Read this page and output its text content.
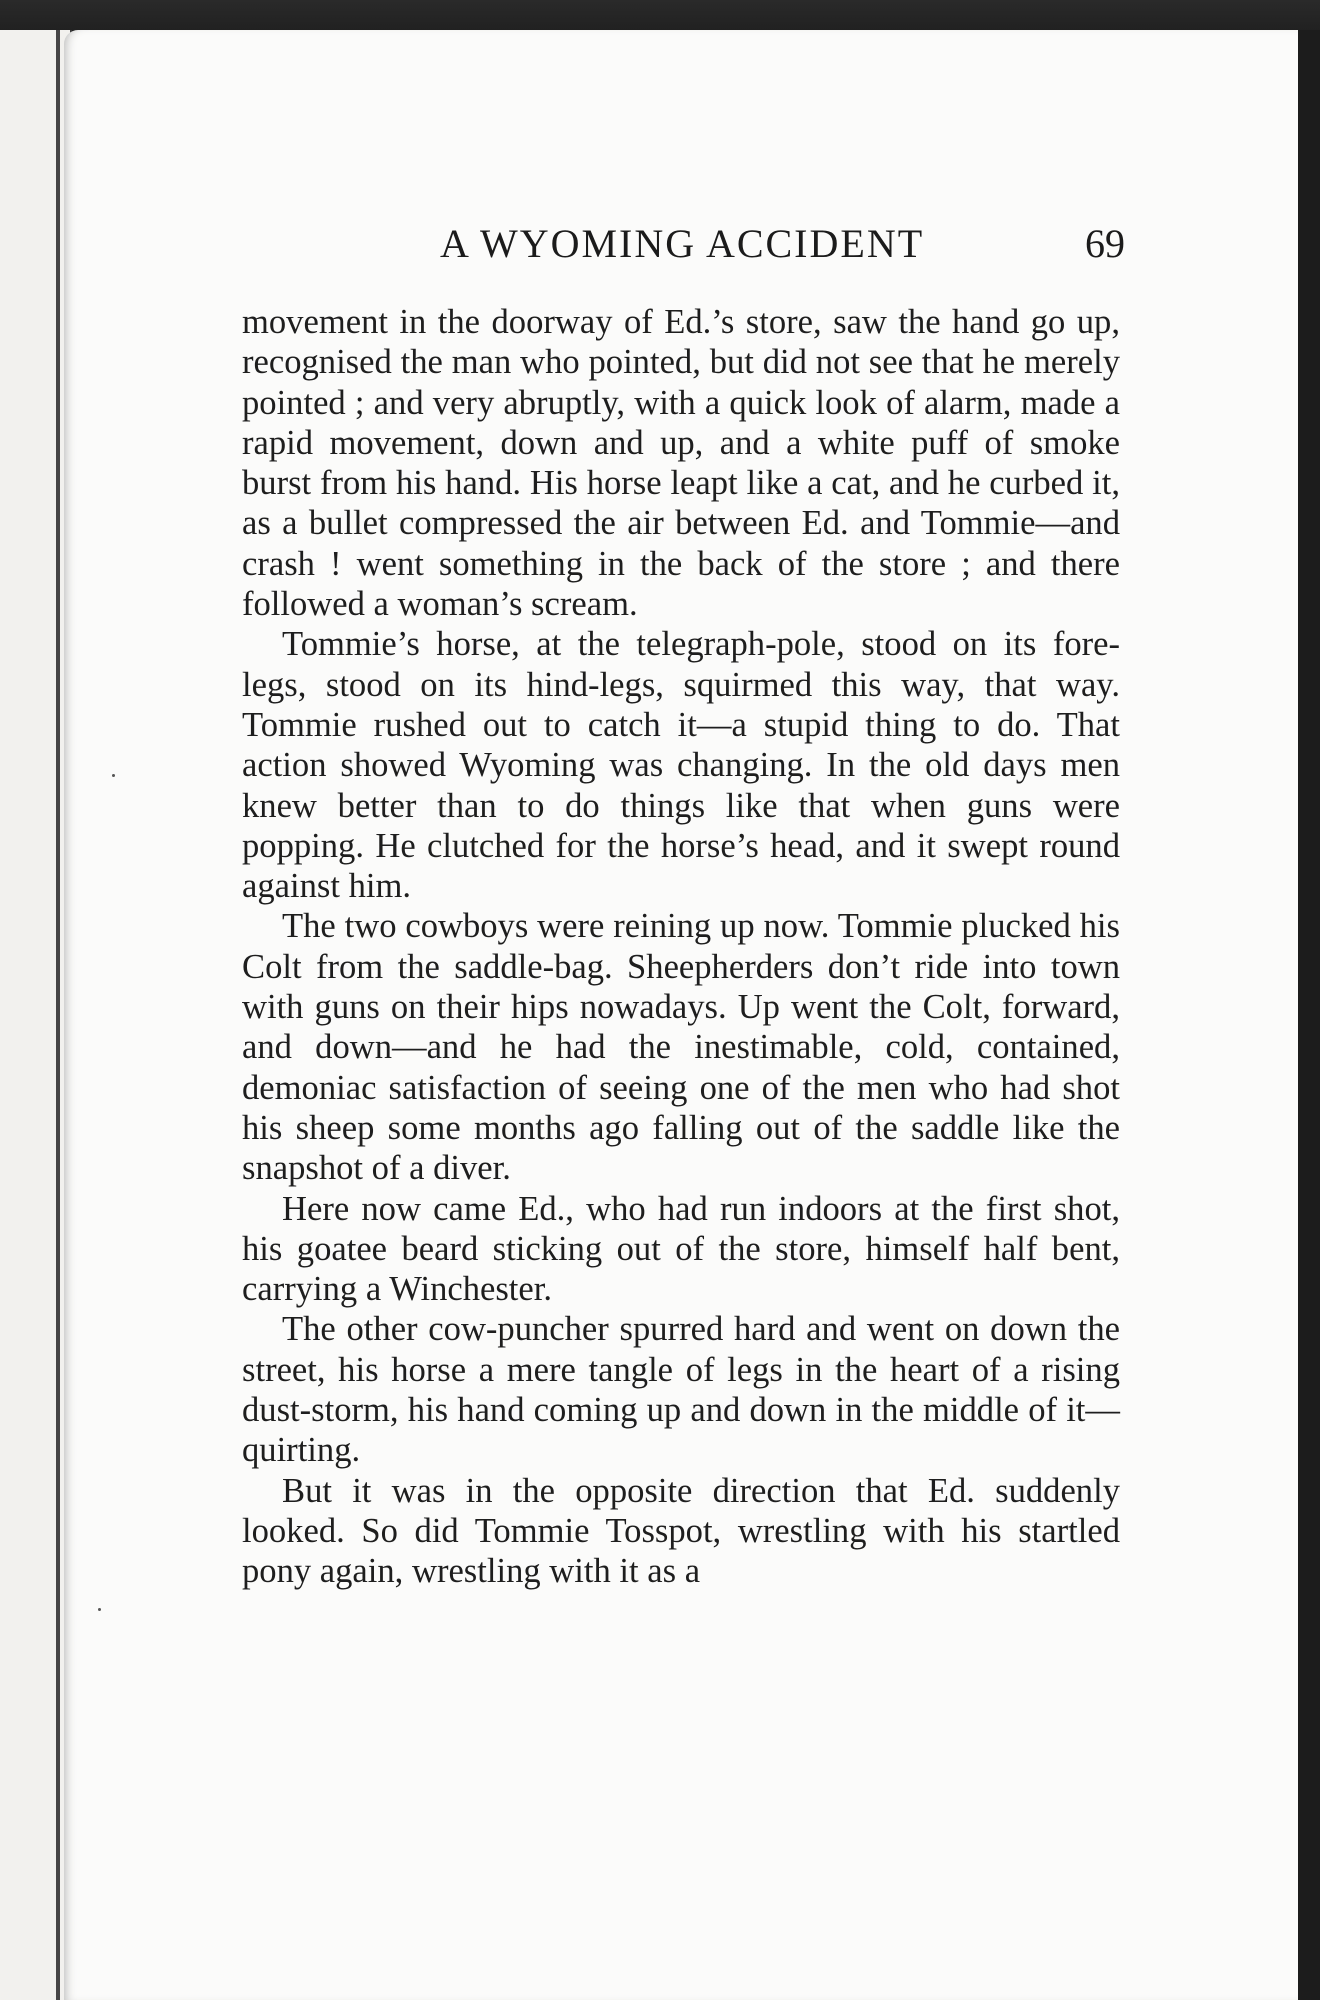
A WYOMING ACCIDENT	69

movement in the doorway of Ed.’s store, saw the hand go up, recognised the man who pointed, but did not see that he merely pointed ; and very abruptly, with a quick look of alarm, made a rapid movement, down and up, and a white puff of smoke burst from his hand. His horse leapt like a cat, and he curbed it, as a bullet compressed the air between Ed. and Tommie—and crash ! went something in the back of the store ; and there followed a woman’s scream.

Tommie’s horse, at the telegraph-pole, stood on its fore-legs, stood on its hind-legs, squirmed this way, that way. Tommie rushed out to catch it—a stupid thing to do. That action showed Wyoming was changing. In the old days men knew better than to do things like that when guns were popping. He clutched for the horse’s head, and it swept round against him.

The two cowboys were reining up now. Tommie plucked his Colt from the saddle-bag. Sheepherders don’t ride into town with guns on their hips nowadays. Up went the Colt, forward, and down—and he had the inestimable, cold, contained, demoniac satisfaction of seeing one of the men who had shot his sheep some months ago falling out of the saddle like the snapshot of a diver.

Here now came Ed., who had run indoors at the first shot, his goatee beard sticking out of the store, himself half bent, carrying a Winchester.

The other cow-puncher spurred hard and went on down the street, his horse a mere tangle of legs in the heart of a rising dust-storm, his hand coming up and down in the middle of it—quirting.

But it was in the opposite direction that Ed. suddenly looked. So did Tommie Tosspot, wrestling with his startled pony again, wrestling with it as a
